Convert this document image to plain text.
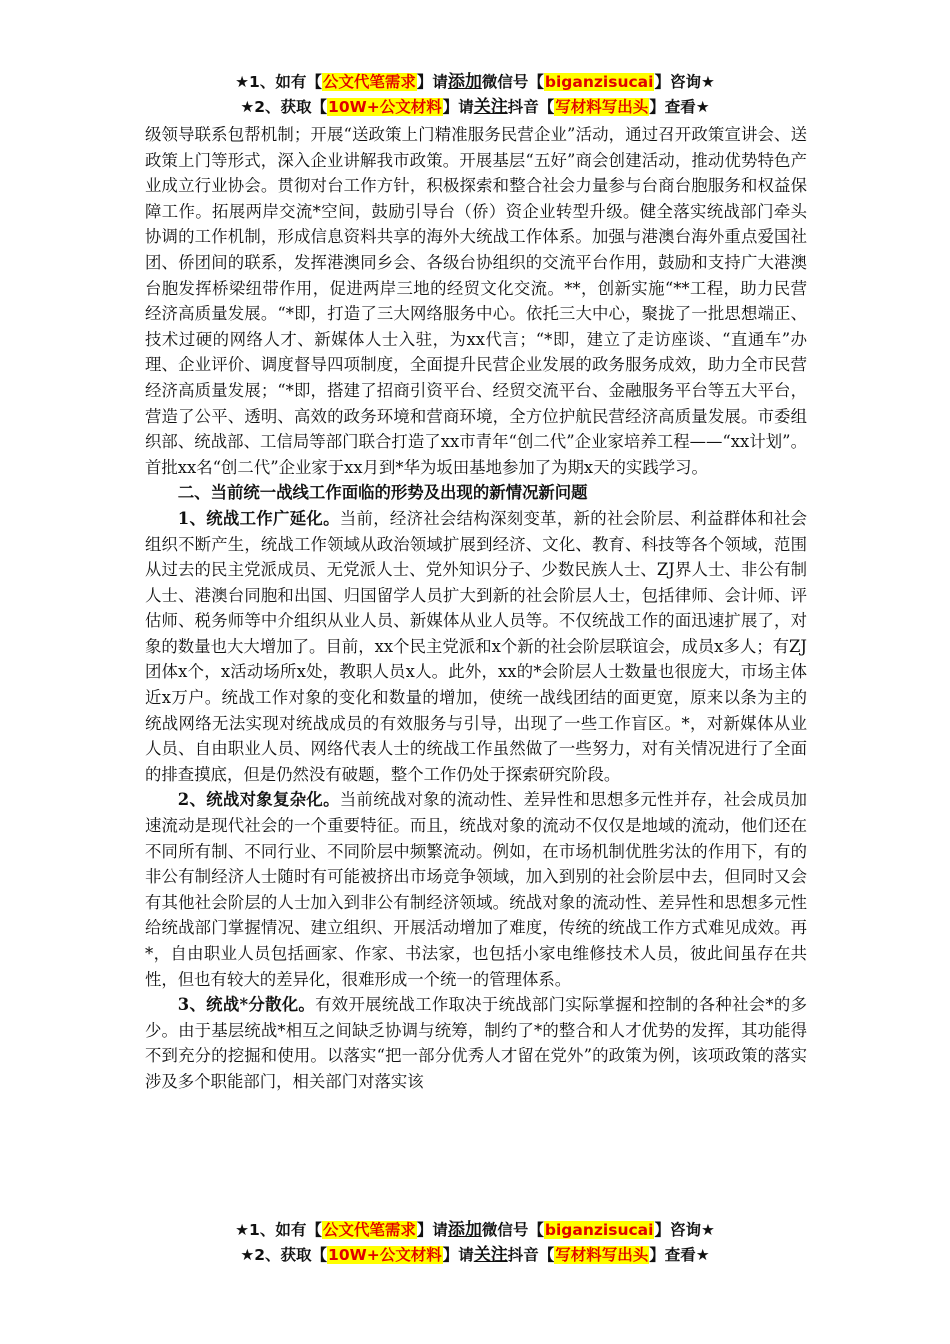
★1、如有【公文代笔需求】请添加微信号【biganzisucai】咨询★
★2、获取【10W+公文材料】请关注抖音【写材料写出头】查看★

级领导联系包帮机制；开展“送政策上门精准服务民营企业”活动，通过召开政策宣讲会、送政策上门等形式，深入企业讲解我市政策。开展基层“五好”商会创建活动，推动优势特色产业成立行业协会。贯彻对台工作方针，积极探索和整合社会力量参与台商台胞服务和权益保障工作。拓展两岸交流*空间，鼓励引导台（侨）资企业转型升级。健全落实统战部门牵头协调的工作机制，形成信息资料共享的海外大统战工作体系。加强与港澳台海外重点爱国社团、侨团间的联系，发挥港澳同乡会、各级台协组织的交流平台作用，鼓励和支持广大港澳台胞发挥桥梁纽带作用，促进两岸三地的经贸文化交流。**，创新实施“**工程，助力民营经济高质量发展。“*即，打造了三大网络服务中心。依托三大中心，聚拢了一批思想端正、技术过硬的网络人才、新媒体人士入驻，为xx代言；“*即，建立了走访座谈、“直通车”办理、企业评价、调度督导四项制度，全面提升民营企业发展的政务服务成效，助力全市民营经济高质量发展；“*即，搭建了招商引资平台、经贸交流平台、金融服务平台等五大平台，营造了公平、透明、高效的政务环境和营商环境，全方位护航民营经济高质量发展。市委组织部、统战部、工信局等部门联合打造了xx市青年“创二代”企业家培养工程——“xx计划”。首批xx名“创二代”企业家于xx月到*华为坂田基地参加了为期x天的实践学习。

二、当前统一战线工作面临的形势及出现的新情况新问题

1、统战工作广延化。当前，经济社会结构深刻变革，新的社会阶层、利益群体和社会组织不断产生，统战工作领域从政治领域扩展到经济、文化、教育、科技等各个领域，范围从过去的民主党派成员、无党派人士、党外知识分子、少数民族人士、ZJ界人士、非公有制人士、港澳台同胞和出国、归国留学人员扩大到新的社会阶层人士，包括律师、会计师、评估师、税务师等中介组织从业人员、新媒体从业人员等。不仅统战工作的面迅速扩展了，对象的数量也大大增加了。目前，xx个民主党派和x个新的社会阶层联谊会，成员x多人；有ZJ团体x个，x活动场所x处，教职人员x人。此外，xx的*会阶层人士数量也很庞大，市场主体近x万户。统战工作对象的变化和数量的增加，使统一战线团结的面更宽，原来以条为主的统战网络无法实现对统战成员的有效服务与引导，出现了一些工作盲区。*，对新媒体从业人员、自由职业人员、网络代表人士的统战工作虽然做了一些努力，对有关情况进行了全面的排查摸底，但是仍然没有破题，整个工作仍处于探索研究阶段。

2、统战对象复杂化。当前统战对象的流动性、差异性和思想多元性并存，社会成员加速流动是现代社会的一个重要特征。而且，统战对象的流动不仅仅是地域的流动，他们还在不同所有制、不同行业、不同阶层中频繁流动。例如，在市场机制优胜劣汰的作用下，有的非公有制经济人士随时有可能被挤出市场竞争领域，加入到别的社会阶层中去，但同时又会有其他社会阶层的人士加入到非公有制经济领域。统战对象的流动性、差异性和思想多元性给统战部门掌握情况、建立组织、开展活动增加了难度，传统的统战工作方式难见成效。再*，自由职业人员包括画家、作家、书法家，也包括小家电维修技术人员，彼此间虽存在共性，但也有较大的差异化，很难形成一个统一的管理体系。

3、统战*分散化。有效开展统战工作取决于统战部门实际掌握和控制的各种社会*的多少。由于基层统战*相互之间缺乏协调与统筹，制约了*的整合和人才优势的发挥，其功能得不到充分的挖掘和使用。以落实“把一部分优秀人才留在党外”的政策为例，该项政策的落实涉及多个职能部门，相关部门对落实该

★1、如有【公文代笔需求】请添加微信号【biganzisucai】咨询★
★2、获取【10W+公文材料】请关注抖音【写材料写出头】查看★
